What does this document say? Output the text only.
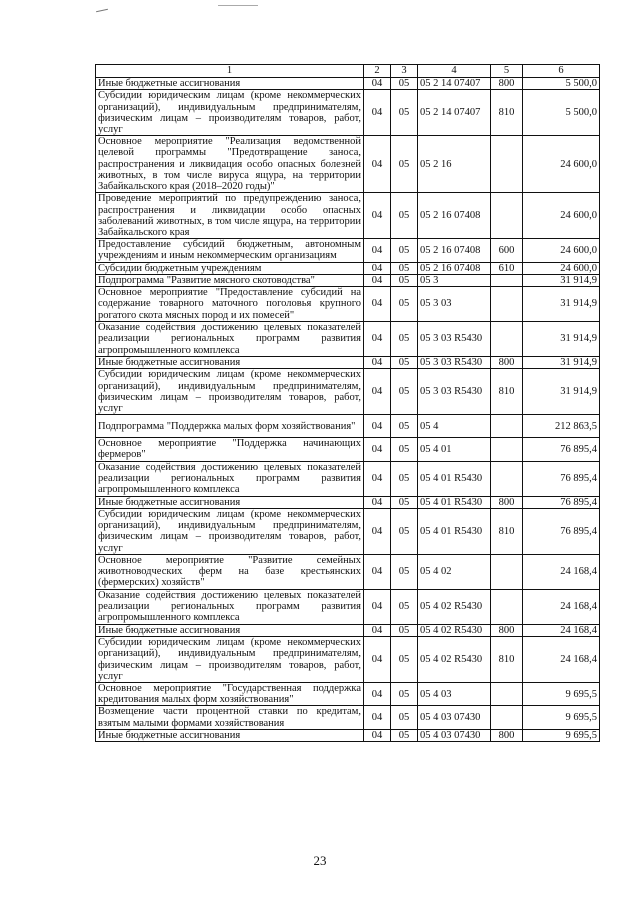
1	2	3	4	5	6
Иные бюджетные ассигнования	04	05	05 2 14 07407	800	5 500,0
Субсидии юридическим лицам (кроме некоммерческих организаций), индивидуальным предпринимателям, физическим лицам – производителям товаров, работ, услуг	04	05	05 2 14 07407	810	5 500,0
Основное мероприятие "Реализация ведомственной целевой программы "Предотвращение заноса, распространения и ликвидация особо опасных болезней животных, в том числе вируса ящура, на территории Забайкальского края (2018–2020 годы)"	04	05	05 2 16		24 600,0
Проведение мероприятий по предупреждению заноса, распространения и ликвидации особо опасных заболеваний животных, в том числе ящура, на территории Забайкальского края	04	05	05 2 16 07408		24 600,0
Предоставление субсидий бюджетным, автономным учреждениям и иным некоммерческим организациям	04	05	05 2 16 07408	600	24 600,0
Субсидии бюджетным учреждениям	04	05	05 2 16 07408	610	24 600,0
Подпрограмма "Развитие мясного скотоводства"	04	05	05 3		31 914,9
Основное мероприятие "Предоставление субсидий на содержание товарного маточного поголовья крупного рогатого скота мясных пород и их помесей"	04	05	05 3 03		31 914,9
Оказание содействия достижению целевых показателей реализации региональных программ развития агропромышленного комплекса	04	05	05 3 03 R5430		31 914,9
Иные бюджетные ассигнования	04	05	05 3 03 R5430	800	31 914,9
Субсидии юридическим лицам (кроме некоммерческих организаций), индивидуальным предпринимателям, физическим лицам – производителям товаров, работ, услуг	04	05	05 3 03 R5430	810	31 914,9
Подпрограмма "Поддержка малых форм хозяйствования"	04	05	05 4		212 863,5
Основное мероприятие "Поддержка начинающих фермеров"	04	05	05 4 01		76 895,4
Оказание содействия достижению целевых показателей реализации региональных программ развития агропромышленного комплекса	04	05	05 4 01 R5430		76 895,4
Иные бюджетные ассигнования	04	05	05 4 01 R5430	800	76 895,4
Субсидии юридическим лицам (кроме некоммерческих организаций), индивидуальным предпринимателям, физическим лицам – производителям товаров, работ, услуг	04	05	05 4 01 R5430	810	76 895,4
Основное мероприятие "Развитие семейных животноводческих ферм на базе крестьянских (фермерских) хозяйств"	04	05	05 4 02		24 168,4
Оказание содействия достижению целевых показателей реализации региональных программ развития агропромышленного комплекса	04	05	05 4 02 R5430		24 168,4
Иные бюджетные ассигнования	04	05	05 4 02 R5430	800	24 168,4
Субсидии юридическим лицам (кроме некоммерческих организаций), индивидуальным предпринимателям, физическим лицам – производителям товаров, работ, услуг	04	05	05 4 02 R5430	810	24 168,4
Основное мероприятие "Государственная поддержка кредитования малых форм хозяйствования"	04	05	05 4 03		9 695,5
Возмещение части процентной ставки по кредитам, взятым малыми формами хозяйствования	04	05	05 4 03 07430		9 695,5
Иные бюджетные ассигнования	04	05	05 4 03 07430	800	9 695,5
23
